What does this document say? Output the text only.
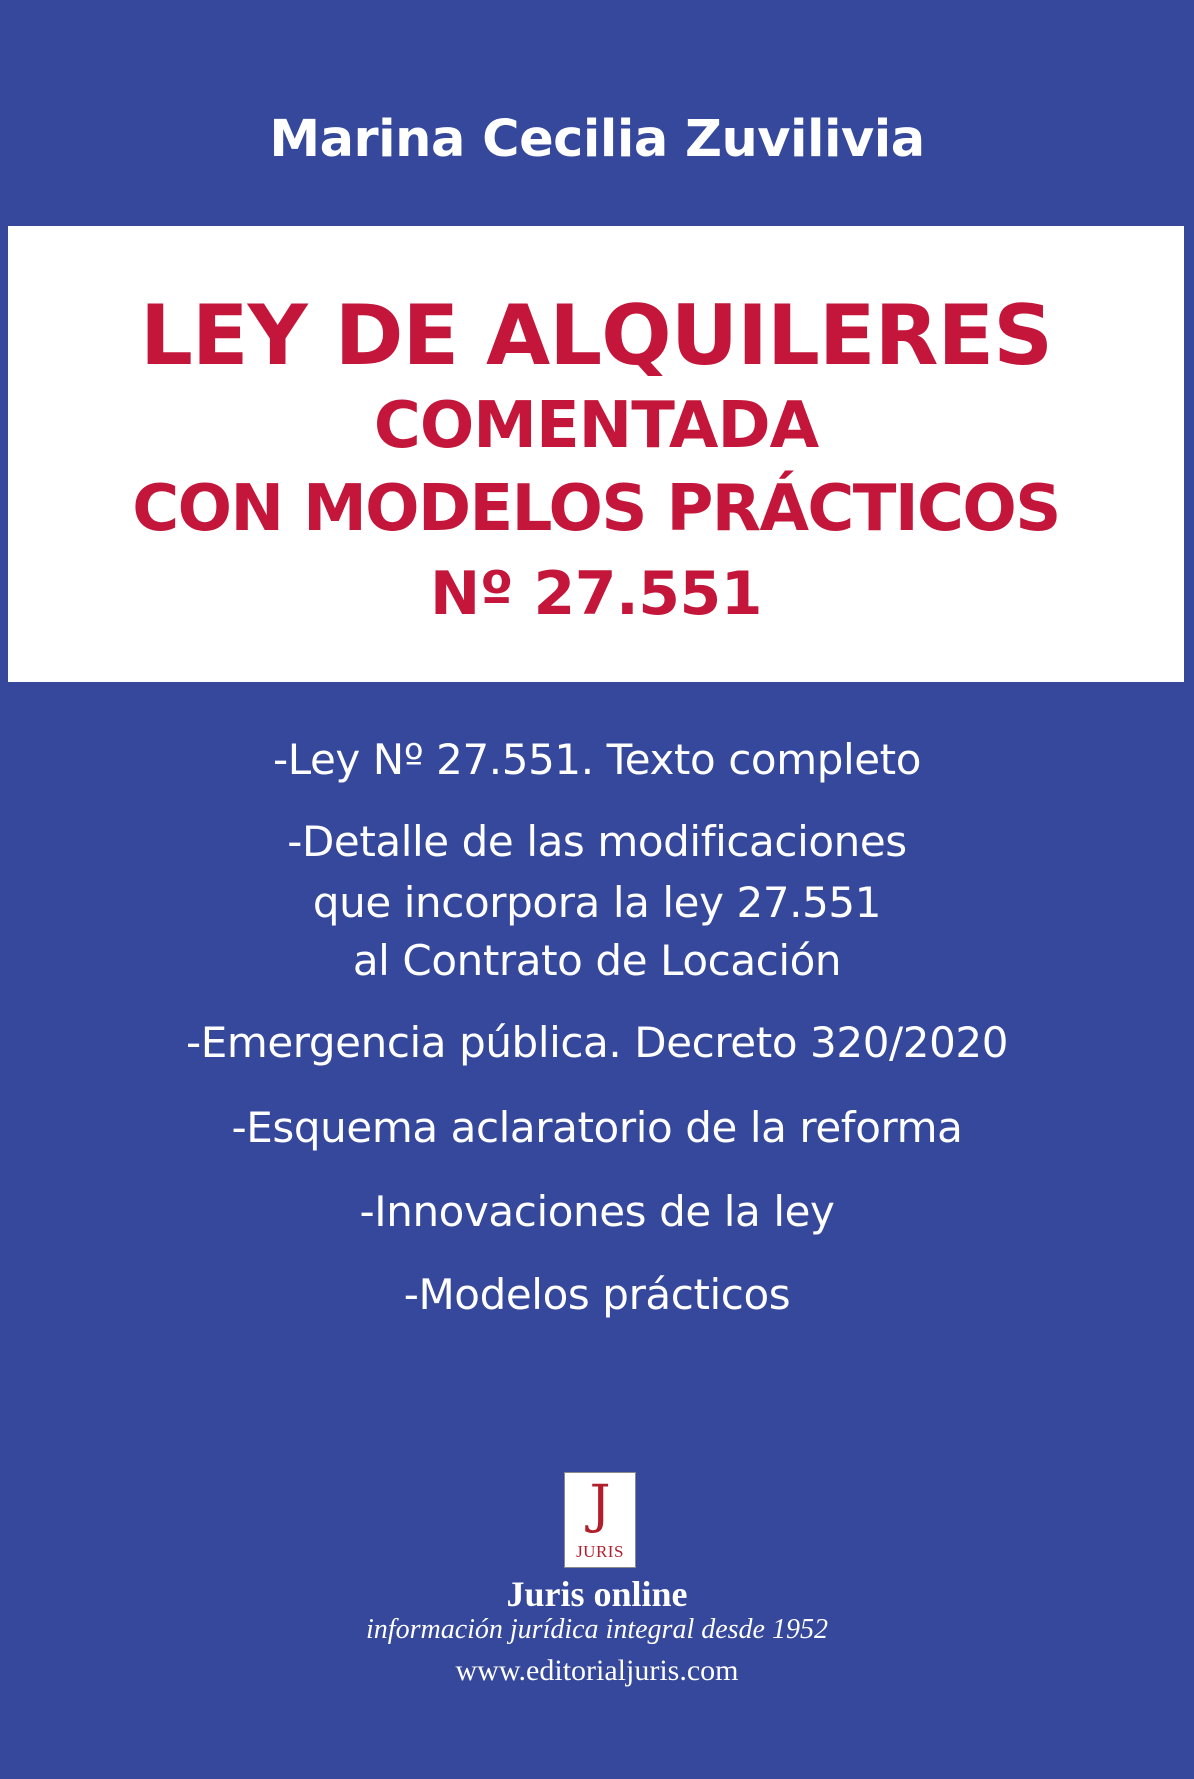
Marina Cecilia Zuvilivia
LEY DE ALQUILERES
COMENTADA
CON MODELOS PRÁCTICOS
Nº 27.551
-Ley Nº 27.551. Texto completo
-Detalle de las modificaciones
que incorpora la ley 27.551
al Contrato de Locación
-Emergencia pública. Decreto 320/2020
-Esquema aclaratorio de la reforma
-Innovaciones de la ley
-Modelos prácticos
J
JURIS
Juris online
información jurídica integral desde 1952
www.editorialjuris.com
